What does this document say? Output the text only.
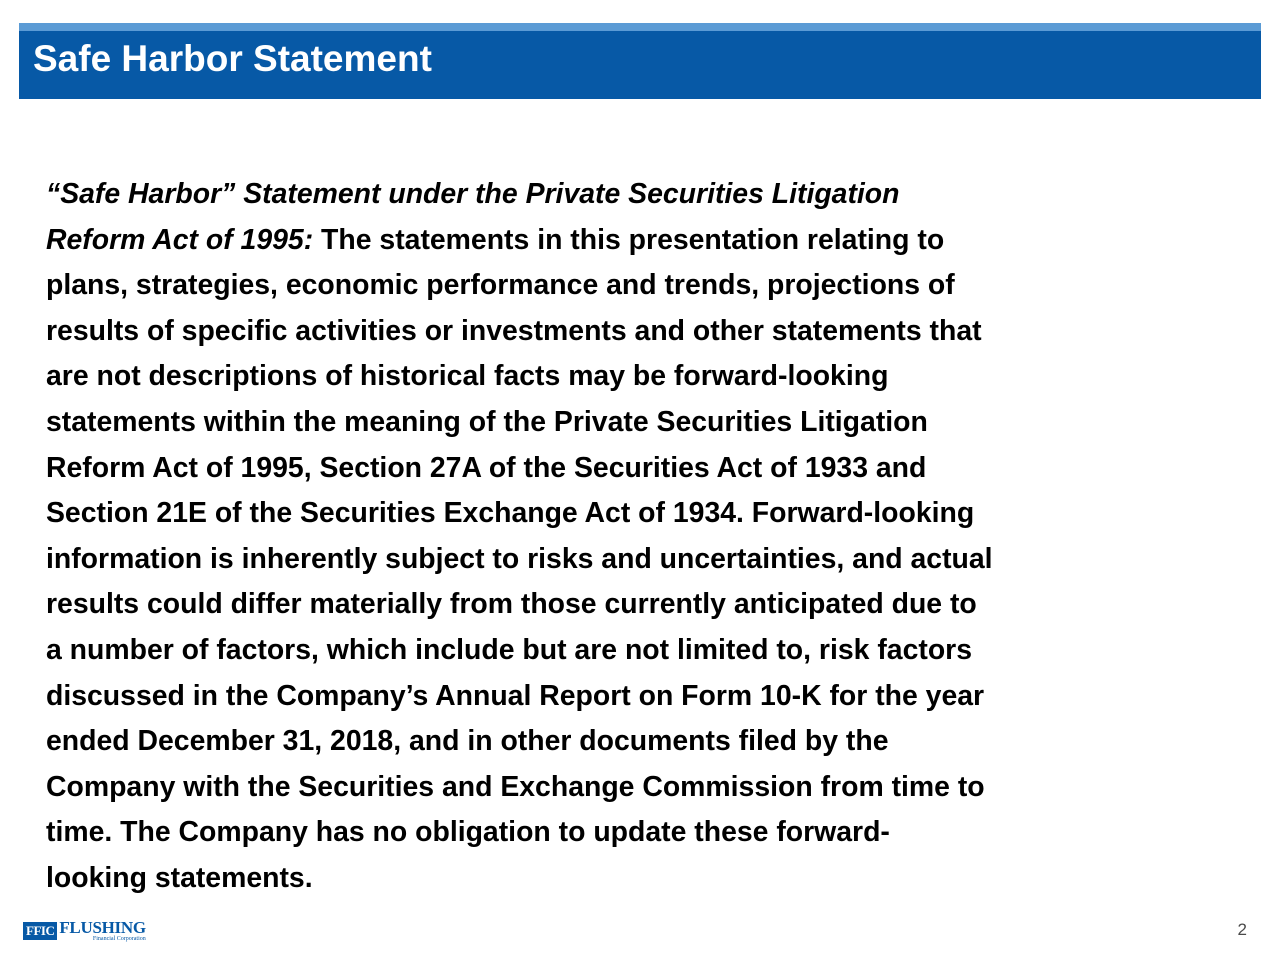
Safe Harbor Statement
“Safe Harbor” Statement under the Private Securities Litigation
Reform Act of 1995: The statements in this presentation relating to
plans, strategies, economic performance and trends, projections of
results of specific activities or investments and other statements that
are not descriptions of historical facts may be forward-looking
statements within the meaning of the Private Securities Litigation
Reform Act of 1995, Section 27A of the Securities Act of 1933 and
Section 21E of the Securities Exchange Act of 1934. Forward-looking
information is inherently subject to risks and uncertainties, and actual
results could differ materially from those currently anticipated due to
a number of factors, which include but are not limited to, risk factors
discussed in the Company’s Annual Report on Form 10-K for the year
ended December 31, 2018, and in other documents filed by the
Company with the Securities and Exchange Commission from time to
time. The Company has no obligation to update these forward-
looking statements.
FFIC FLUSHING
Financial Corporation	2
